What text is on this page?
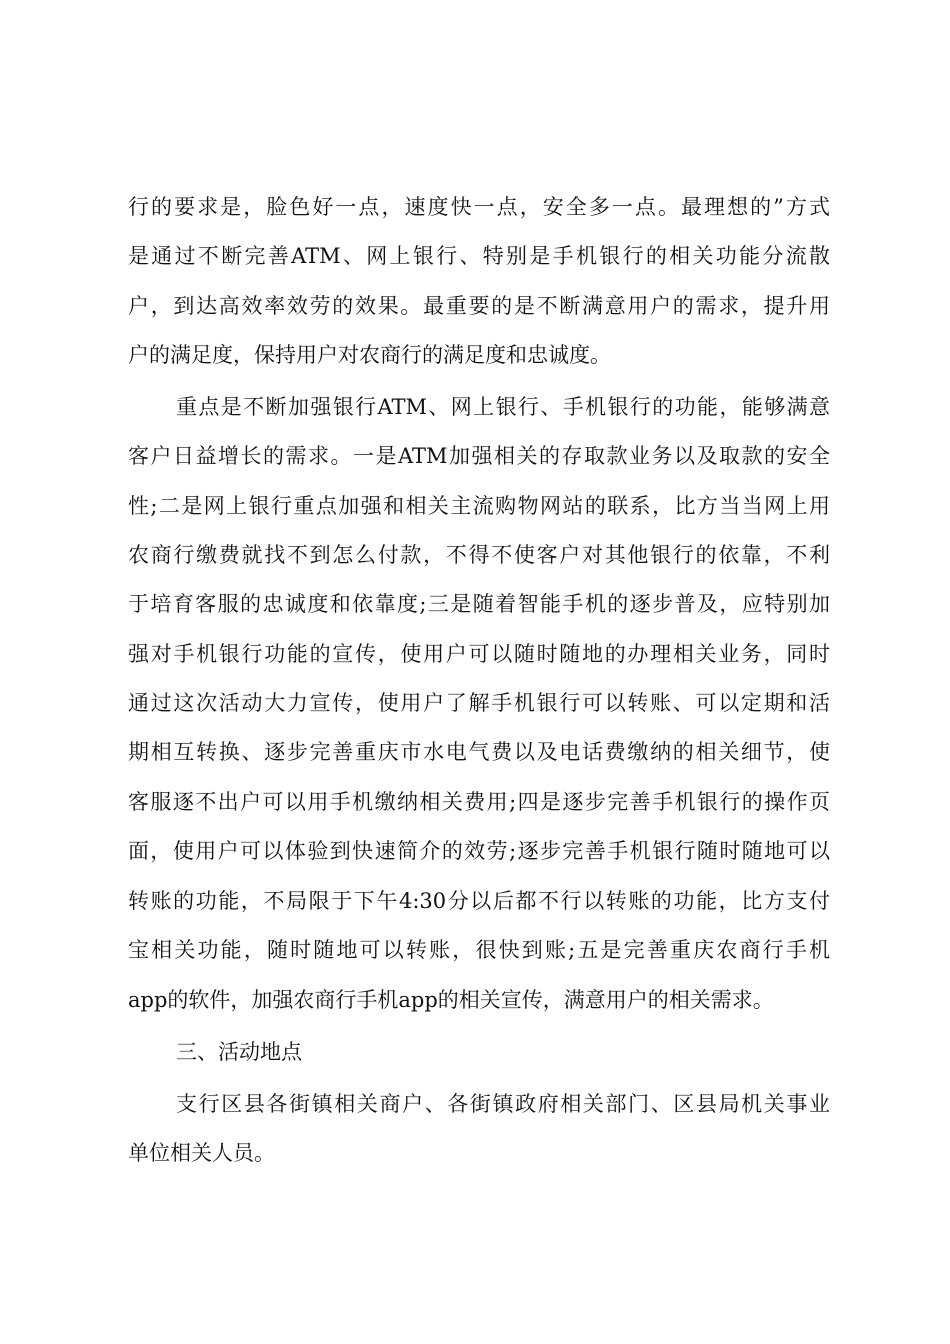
行的要求是，脸色好一点，速度快一点，安全多一点。最理想的”方式
是通过不断完善ATM、网上银行、特别是手机银行的相关功能分流散
户，到达高效率效劳的效果。最重要的是不断满意用户的需求，提升用
户的满足度，保持用户对农商行的满足度和忠诚度。
重点是不断加强银行ATM、网上银行、手机银行的功能，能够满意
客户日益增长的需求。一是ATM加强相关的存取款业务以及取款的安全
性;二是网上银行重点加强和相关主流购物网站的联系，比方当当网上用
农商行缴费就找不到怎么付款，不得不使客户对其他银行的依靠，不利
于培育客服的忠诚度和依靠度;三是随着智能手机的逐步普及，应特别加
强对手机银行功能的宣传，使用户可以随时随地的办理相关业务，同时
通过这次活动大力宣传，使用户了解手机银行可以转账、可以定期和活
期相互转换、逐步完善重庆市水电气费以及电话费缴纳的相关细节，使
客服逐不出户可以用手机缴纳相关费用;四是逐步完善手机银行的操作页
面，使用户可以体验到快速简介的效劳;逐步完善手机银行随时随地可以
转账的功能，不局限于下午4:30分以后都不行以转账的功能，比方支付
宝相关功能，随时随地可以转账，很快到账;五是完善重庆农商行手机
app的软件，加强农商行手机app的相关宣传，满意用户的相关需求。
三、活动地点
支行区县各街镇相关商户、各街镇政府相关部门、区县局机关事业
单位相关人员。
